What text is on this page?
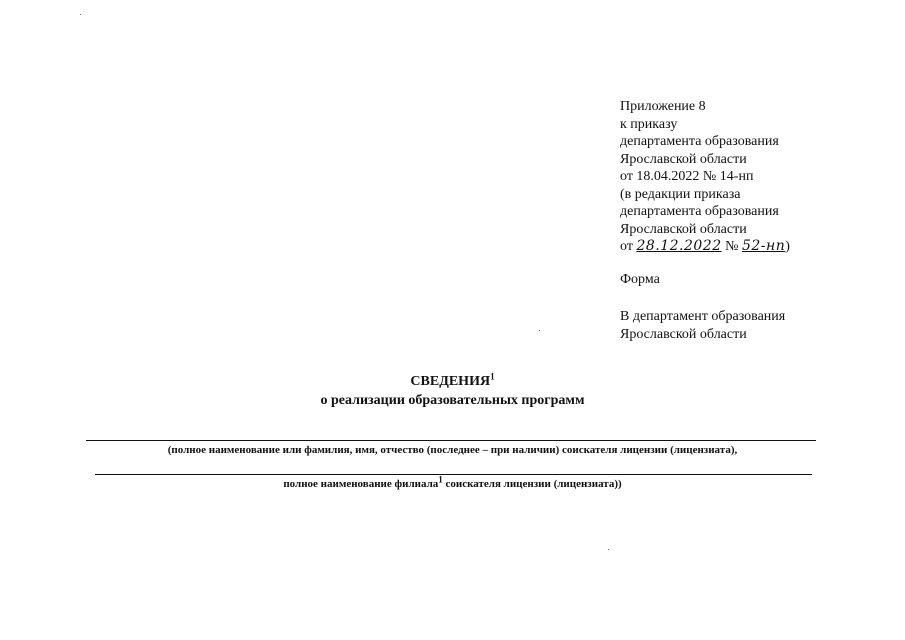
Приложение 8
к приказу
департамента образования
Ярославской области
от 18.04.2022 № 14-нп
(в редакции приказа
департамента образования
Ярославской области
от 28.12.2022 № 52-нп)
Форма
В департамент образования
Ярославской области
СВЕДЕНИЯ$^1$
о реализации образовательных программ
(полное наименование или фамилия, имя, отчество (последнее – при наличии) соискателя лицензии (лицензиата),
полное наименование филиала$^1$ соискателя лицензии (лицензиата))
